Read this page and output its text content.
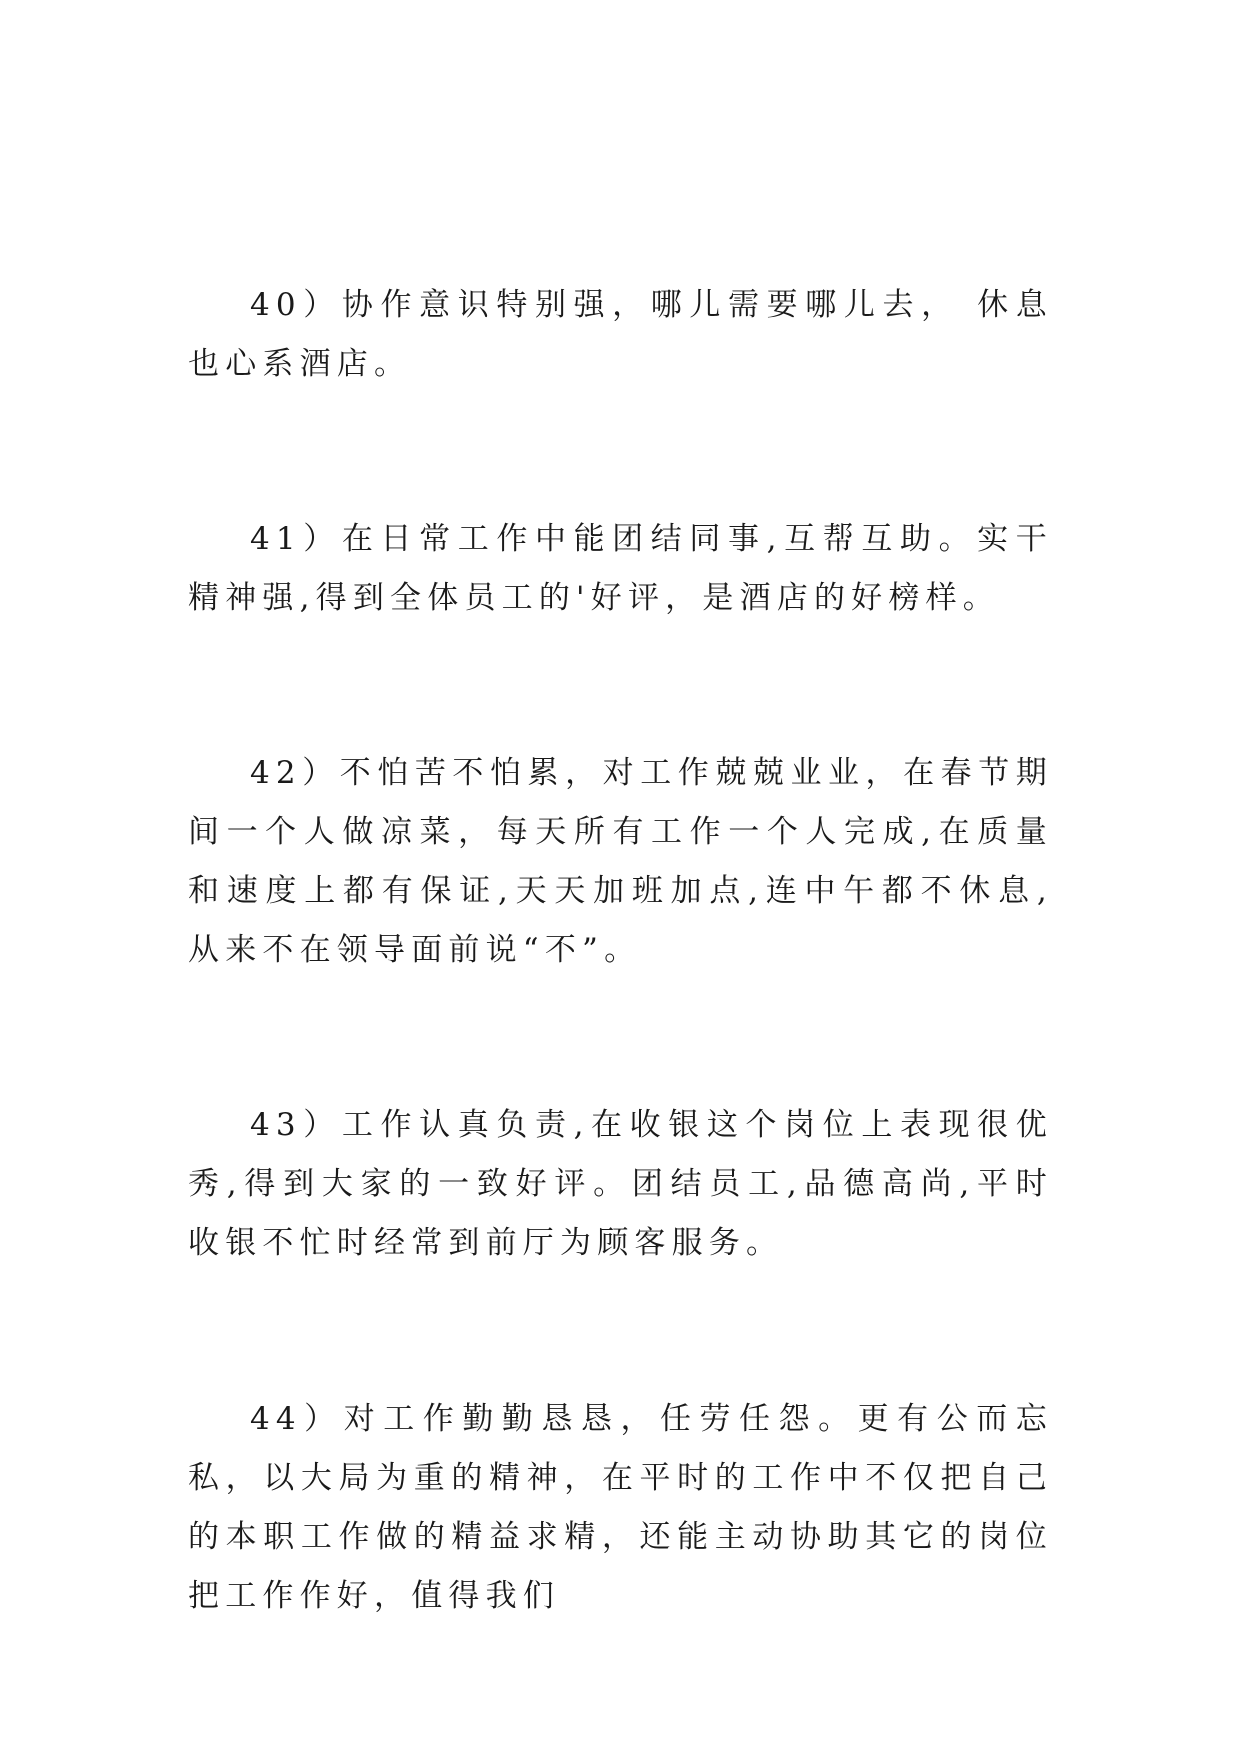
40）协作意识特别强，哪儿需要哪儿去， 休息也心系酒店。

41）在日常工作中能团结同事,互帮互助。实干精神强,得到全体员工的'好评，是酒店的好榜样。

42）不怕苦不怕累，对工作兢兢业业，在春节期间一个人做凉菜，每天所有工作一个人完成,在质量和速度上都有保证,天天加班加点,连中午都不休息,从来不在领导面前说“不”。

43）工作认真负责,在收银这个岗位上表现很优秀,得到大家的一致好评。团结员工,品德高尚,平时收银不忙时经常到前厅为顾客服务。

44）对工作勤勤恳恳，任劳任怨。更有公而忘私，以大局为重的精神，在平时的工作中不仅把自己的本职工作做的精益求精，还能主动协助其它的岗位把工作作好，值得我们
